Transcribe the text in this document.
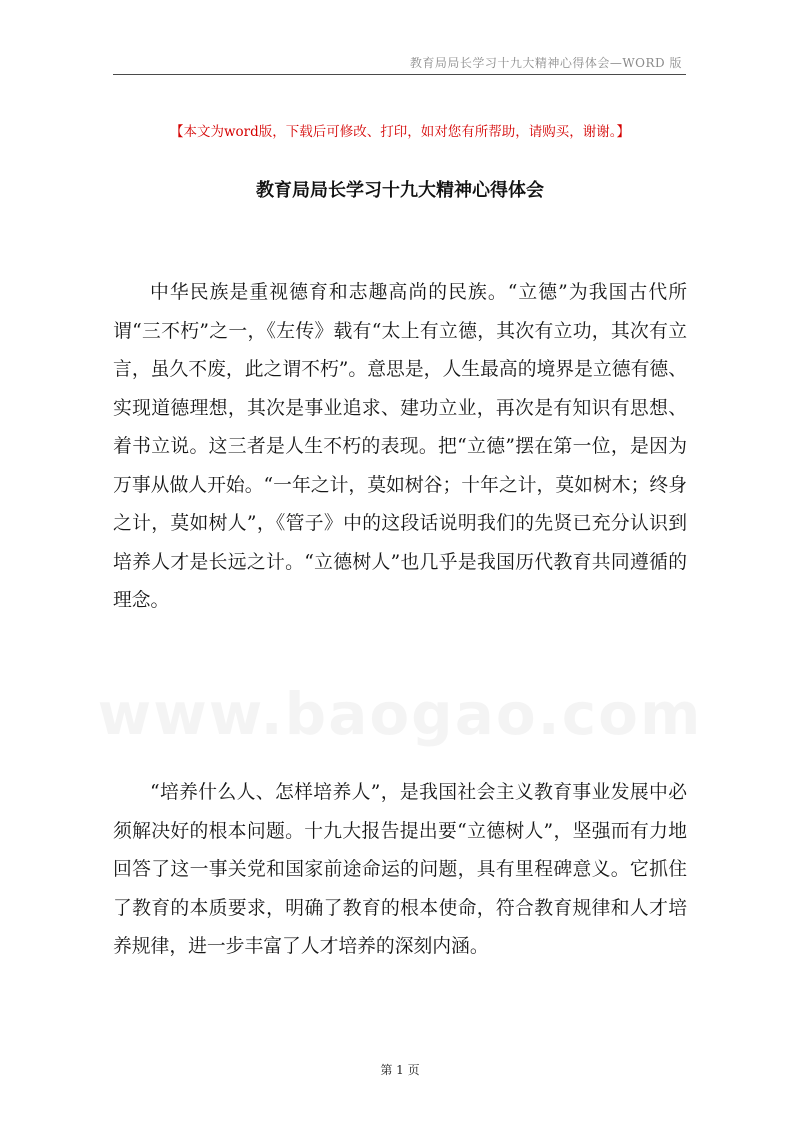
教育局局长学习十九大精神心得体会—WORD 版
【本文为word版，下载后可修改、打印，如对您有所帮助，请购买，谢谢。】
教育局局长学习十九大精神心得体会

中华民族是重视德育和志趣高尚的民族。“立德”为我国古代所谓“三不朽”之一，《左传》载有“太上有立德，其次有立功，其次有立言，虽久不废，此之谓不朽”。意思是，人生最高的境界是立德有德、实现道德理想，其次是事业追求、建功立业，再次是有知识有思想、着书立说。这三者是人生不朽的表现。把“立德”摆在第一位，是因为万事从做人开始。“一年之计，莫如树谷；十年之计，莫如树木；终身之计，莫如树人”，《管子》中的这段话说明我们的先贤已充分认识到培养人才是长远之计。“立德树人”也几乎是我国历代教育共同遵循的理念。

“培养什么人、怎样培养人”，是我国社会主义教育事业发展中必须解决好的根本问题。十九大报告提出要“立德树人”，坚强而有力地回答了这一事关党和国家前途命运的问题，具有里程碑意义。它抓住了教育的本质要求，明确了教育的根本使命，符合教育规律和人才培养规律，进一步丰富了人才培养的深刻内涵。

第 1 页
